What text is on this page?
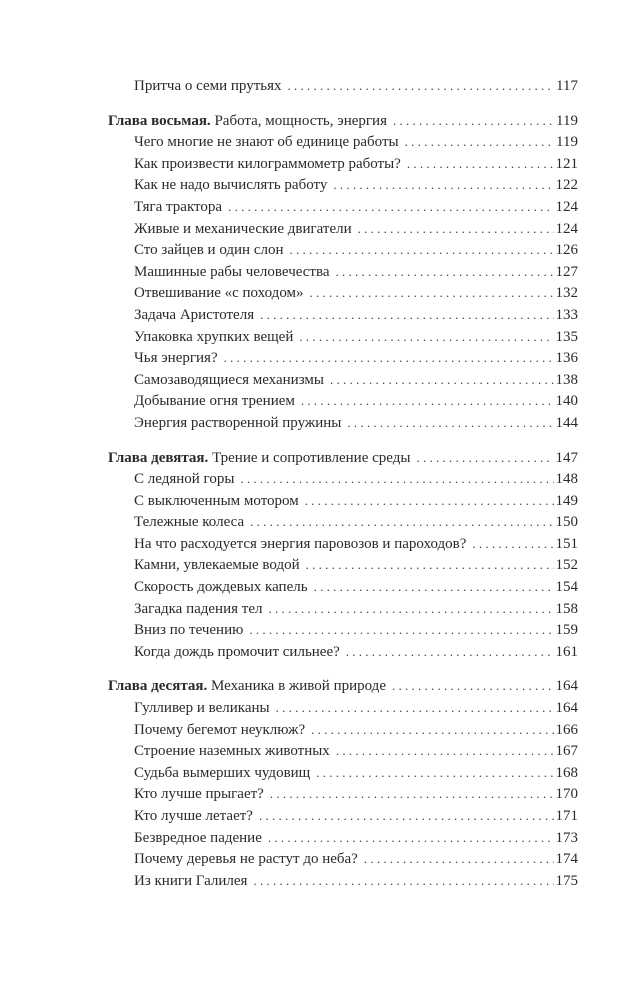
Притча о семи прутьях . . .	117
Глава восьмая. Работа, мощность, энергия . . .	119
Чего многие не знают об единице работы . . .	119
Как произвести килограммометр работы? . . .	121
Как не надо вычислять работу . . .	122
Тяга трактора . . .	124
Живые и механические двигатели . . .	124
Сто зайцев и один слон . . .	126
Машинные рабы человечества . . .	127
Отвешивание «с походом» . . .	132
Задача Аристотеля . . .	133
Упаковка хрупких вещей . . .	135
Чья энергия? . . .	136
Самозаводящиеся механизмы . . .	138
Добывание огня трением . . .	140
Энергия растворенной пружины . . .	144
Глава девятая. Трение и сопротивление среды . . .	147
С ледяной горы . . .	148
С выключенным мотором . . .	149
Тележные колеса . . .	150
На что расходуется энергия паровозов и пароходов? . . .	151
Камни, увлекаемые водой . . .	152
Скорость дождевых капель . . .	154
Загадка падения тел . . .	158
Вниз по течению . . .	159
Когда дождь промочит сильнее? . . .	161
Глава десятая. Механика в живой природе . . .	164
Гулливер и великаны . . .	164
Почему бегемот неуклюж? . . .	166
Строение наземных животных . . .	167
Судьба вымерших чудовищ . . .	168
Кто лучше прыгает? . . .	170
Кто лучше летает? . . .	171
Безвредное падение . . .	173
Почему деревья не растут до неба? . . .	174
Из книги Галилея . . .	175
